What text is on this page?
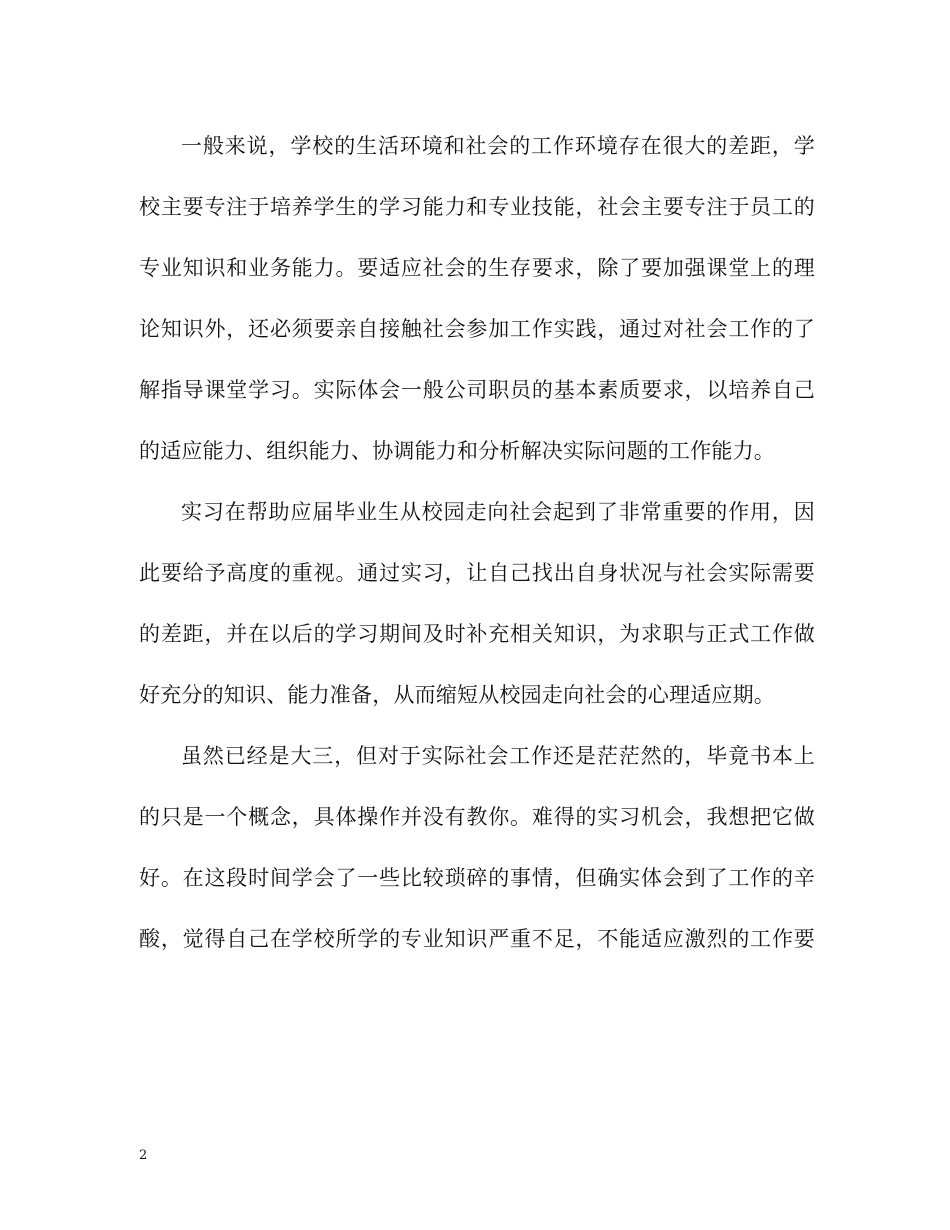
一般来说，学校的生活环境和社会的工作环境存在很大的差距，学
校主要专注于培养学生的学习能力和专业技能，社会主要专注于员工的
专业知识和业务能力。要适应社会的生存要求，除了要加强课堂上的理
论知识外，还必须要亲自接触社会参加工作实践，通过对社会工作的了
解指导课堂学习。实际体会一般公司职员的基本素质要求，以培养自己
的适应能力、组织能力、协调能力和分析解决实际问题的工作能力。
实习在帮助应届毕业生从校园走向社会起到了非常重要的作用，因
此要给予高度的重视。通过实习，让自己找出自身状况与社会实际需要
的差距，并在以后的学习期间及时补充相关知识，为求职与正式工作做
好充分的知识、能力准备，从而缩短从校园走向社会的心理适应期。
虽然已经是大三，但对于实际社会工作还是茫茫然的，毕竟书本上
的只是一个概念，具体操作并没有教你。难得的实习机会，我想把它做
好。在这段时间学会了一些比较琐碎的事情，但确实体会到了工作的辛
酸，觉得自己在学校所学的专业知识严重不足，不能适应激烈的工作要
2
